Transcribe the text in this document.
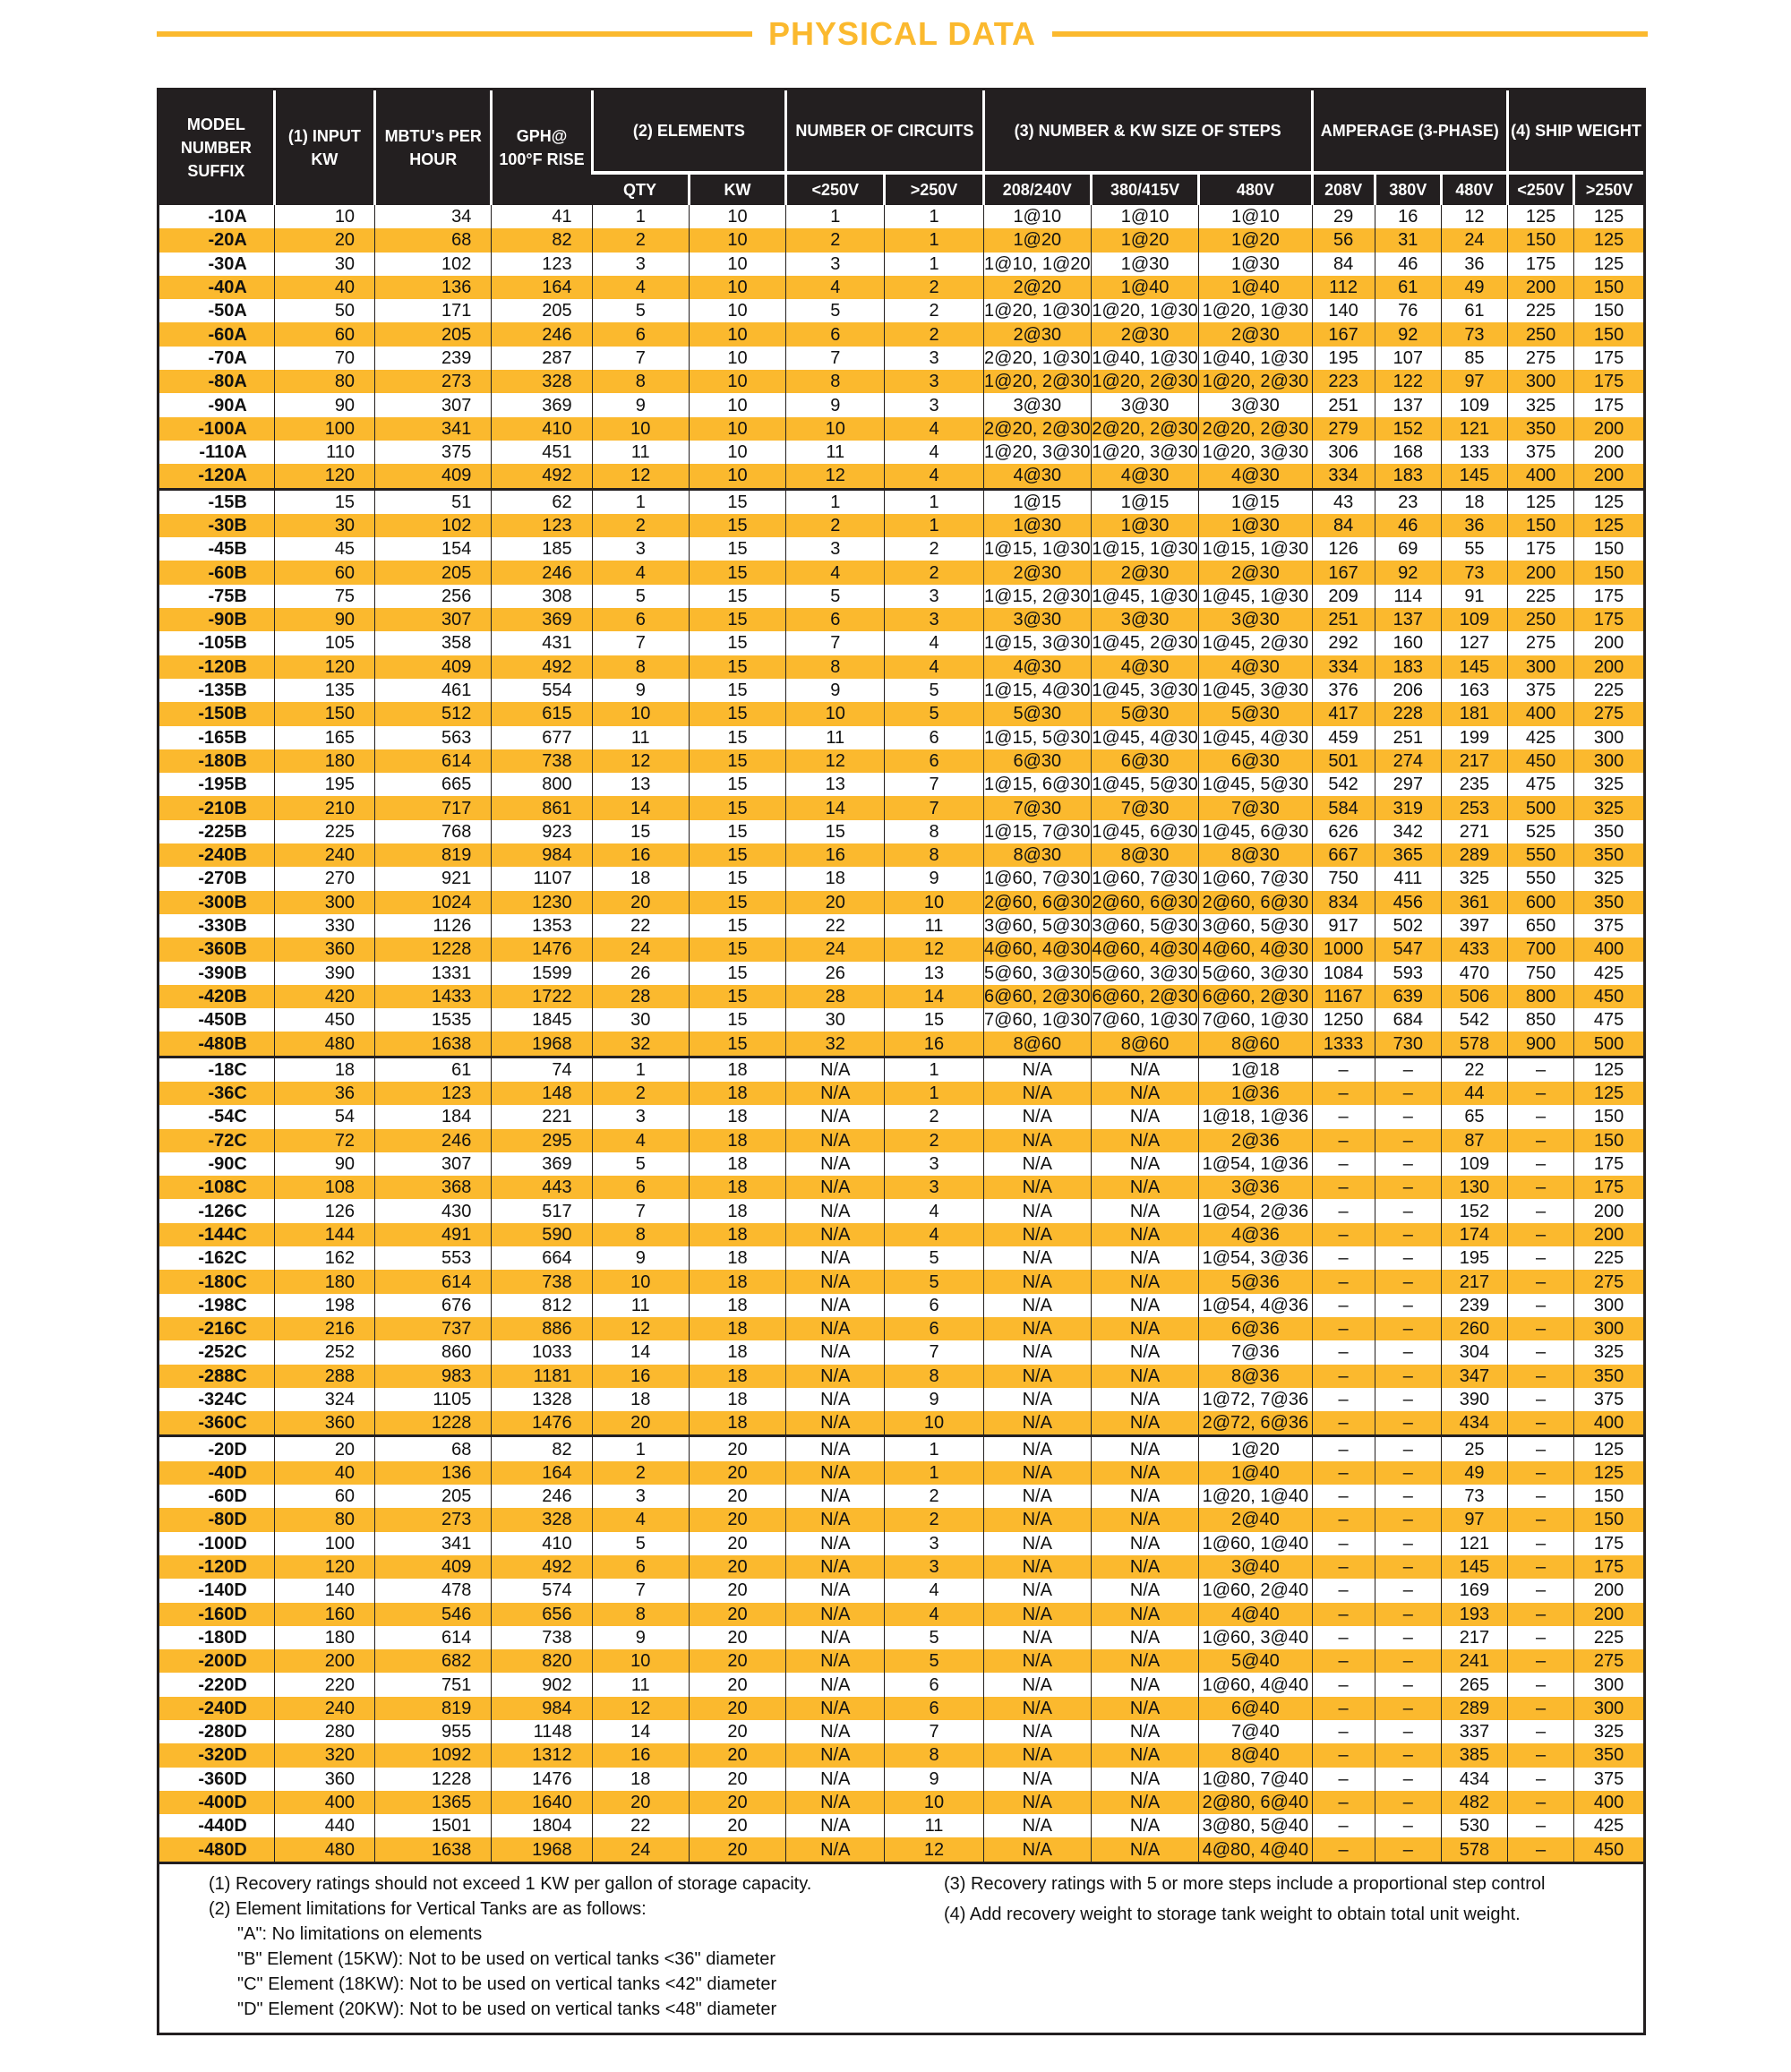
PHYSICAL DATA
MODEL NUMBER SUFFIX	(1) INPUT KW	MBTU's PER HOUR	GPH@ 100°F RISE	(2) ELEMENTS		NUMBER OF CIRCUITS		(3) NUMBER & KW SIZE OF STEPS			AMPERAGE (3-PHASE)			(4) SHIP WEIGHT	
				QTY	KW	<250V	>250V	208/240V	380/415V	480V	208V	380V	480V	<250V	>250V
-10A	10	34	41	1	10	1	1	1@10	1@10	1@10	29	16	12	125	125
-20A	20	68	82	2	10	2	1	1@20	1@20	1@20	56	31	24	150	125
-30A	30	102	123	3	10	3	1	1@10, 1@20	1@30	1@30	84	46	36	175	125
-40A	40	136	164	4	10	4	2	2@20	1@40	1@40	112	61	49	200	150
-50A	50	171	205	5	10	5	2	1@20, 1@30	1@20, 1@30	1@20, 1@30	140	76	61	225	150
-60A	60	205	246	6	10	6	2	2@30	2@30	2@30	167	92	73	250	150
-70A	70	239	287	7	10	7	3	2@20, 1@30	1@40, 1@30	1@40, 1@30	195	107	85	275	175
-80A	80	273	328	8	10	8	3	1@20, 2@30	1@20, 2@30	1@20, 2@30	223	122	97	300	175
-90A	90	307	369	9	10	9	3	3@30	3@30	3@30	251	137	109	325	175
-100A	100	341	410	10	10	10	4	2@20, 2@30	2@20, 2@30	2@20, 2@30	279	152	121	350	200
-110A	110	375	451	11	10	11	4	1@20, 3@30	1@20, 3@30	1@20, 3@30	306	168	133	375	200
-120A	120	409	492	12	10	12	4	4@30	4@30	4@30	334	183	145	400	200
-15B	15	51	62	1	15	1	1	1@15	1@15	1@15	43	23	18	125	125
-30B	30	102	123	2	15	2	1	1@30	1@30	1@30	84	46	36	150	125
-45B	45	154	185	3	15	3	2	1@15, 1@30	1@15, 1@30	1@15, 1@30	126	69	55	175	150
-60B	60	205	246	4	15	4	2	2@30	2@30	2@30	167	92	73	200	150
-75B	75	256	308	5	15	5	3	1@15, 2@30	1@45, 1@30	1@45, 1@30	209	114	91	225	175
-90B	90	307	369	6	15	6	3	3@30	3@30	3@30	251	137	109	250	175
-105B	105	358	431	7	15	7	4	1@15, 3@30	1@45, 2@30	1@45, 2@30	292	160	127	275	200
-120B	120	409	492	8	15	8	4	4@30	4@30	4@30	334	183	145	300	200
-135B	135	461	554	9	15	9	5	1@15, 4@30	1@45, 3@30	1@45, 3@30	376	206	163	375	225
-150B	150	512	615	10	15	10	5	5@30	5@30	5@30	417	228	181	400	275
-165B	165	563	677	11	15	11	6	1@15, 5@30	1@45, 4@30	1@45, 4@30	459	251	199	425	300
-180B	180	614	738	12	15	12	6	6@30	6@30	6@30	501	274	217	450	300
-195B	195	665	800	13	15	13	7	1@15, 6@30	1@45, 5@30	1@45, 5@30	542	297	235	475	325
-210B	210	717	861	14	15	14	7	7@30	7@30	7@30	584	319	253	500	325
-225B	225	768	923	15	15	15	8	1@15, 7@30	1@45, 6@30	1@45, 6@30	626	342	271	525	350
-240B	240	819	984	16	15	16	8	8@30	8@30	8@30	667	365	289	550	350
-270B	270	921	1107	18	15	18	9	1@60, 7@30	1@60, 7@30	1@60, 7@30	750	411	325	550	325
-300B	300	1024	1230	20	15	20	10	2@60, 6@30	2@60, 6@30	2@60, 6@30	834	456	361	600	350
-330B	330	1126	1353	22	15	22	11	3@60, 5@30	3@60, 5@30	3@60, 5@30	917	502	397	650	375
-360B	360	1228	1476	24	15	24	12	4@60, 4@30	4@60, 4@30	4@60, 4@30	1000	547	433	700	400
-390B	390	1331	1599	26	15	26	13	5@60, 3@30	5@60, 3@30	5@60, 3@30	1084	593	470	750	425
-420B	420	1433	1722	28	15	28	14	6@60, 2@30	6@60, 2@30	6@60, 2@30	1167	639	506	800	450
-450B	450	1535	1845	30	15	30	15	7@60, 1@30	7@60, 1@30	7@60, 1@30	1250	684	542	850	475
-480B	480	1638	1968	32	15	32	16	8@60	8@60	8@60	1333	730	578	900	500
-18C	18	61	74	1	18	N/A	1	N/A	N/A	1@18	–	–	22	–	125
-36C	36	123	148	2	18	N/A	1	N/A	N/A	1@36	–	–	44	–	125
-54C	54	184	221	3	18	N/A	2	N/A	N/A	1@18, 1@36	–	–	65	–	150
-72C	72	246	295	4	18	N/A	2	N/A	N/A	2@36	–	–	87	–	150
-90C	90	307	369	5	18	N/A	3	N/A	N/A	1@54, 1@36	–	–	109	–	175
-108C	108	368	443	6	18	N/A	3	N/A	N/A	3@36	–	–	130	–	175
-126C	126	430	517	7	18	N/A	4	N/A	N/A	1@54, 2@36	–	–	152	–	200
-144C	144	491	590	8	18	N/A	4	N/A	N/A	4@36	–	–	174	–	200
-162C	162	553	664	9	18	N/A	5	N/A	N/A	1@54, 3@36	–	–	195	–	225
-180C	180	614	738	10	18	N/A	5	N/A	N/A	5@36	–	–	217	–	275
-198C	198	676	812	11	18	N/A	6	N/A	N/A	1@54, 4@36	–	–	239	–	300
-216C	216	737	886	12	18	N/A	6	N/A	N/A	6@36	–	–	260	–	300
-252C	252	860	1033	14	18	N/A	7	N/A	N/A	7@36	–	–	304	–	325
-288C	288	983	1181	16	18	N/A	8	N/A	N/A	8@36	–	–	347	–	350
-324C	324	1105	1328	18	18	N/A	9	N/A	N/A	1@72, 7@36	–	–	390	–	375
-360C	360	1228	1476	20	18	N/A	10	N/A	N/A	2@72, 6@36	–	–	434	–	400
-20D	20	68	82	1	20	N/A	1	N/A	N/A	1@20	–	–	25	–	125
-40D	40	136	164	2	20	N/A	1	N/A	N/A	1@40	–	–	49	–	125
-60D	60	205	246	3	20	N/A	2	N/A	N/A	1@20, 1@40	–	–	73	–	150
-80D	80	273	328	4	20	N/A	2	N/A	N/A	2@40	–	–	97	–	150
-100D	100	341	410	5	20	N/A	3	N/A	N/A	1@60, 1@40	–	–	121	–	175
-120D	120	409	492	6	20	N/A	3	N/A	N/A	3@40	–	–	145	–	175
-140D	140	478	574	7	20	N/A	4	N/A	N/A	1@60, 2@40	–	–	169	–	200
-160D	160	546	656	8	20	N/A	4	N/A	N/A	4@40	–	–	193	–	200
-180D	180	614	738	9	20	N/A	5	N/A	N/A	1@60, 3@40	–	–	217	–	225
-200D	200	682	820	10	20	N/A	5	N/A	N/A	5@40	–	–	241	–	275
-220D	220	751	902	11	20	N/A	6	N/A	N/A	1@60, 4@40	–	–	265	–	300
-240D	240	819	984	12	20	N/A	6	N/A	N/A	6@40	–	–	289	–	300
-280D	280	955	1148	14	20	N/A	7	N/A	N/A	7@40	–	–	337	–	325
-320D	320	1092	1312	16	20	N/A	8	N/A	N/A	8@40	–	–	385	–	350
-360D	360	1228	1476	18	20	N/A	9	N/A	N/A	1@80, 7@40	–	–	434	–	375
-400D	400	1365	1640	20	20	N/A	10	N/A	N/A	2@80, 6@40	–	–	482	–	400
-440D	440	1501	1804	22	20	N/A	11	N/A	N/A	3@80, 5@40	–	–	530	–	425
-480D	480	1638	1968	24	20	N/A	12	N/A	N/A	4@80, 4@40	–	–	578	–	450

(1) Recovery ratings should not exceed 1 KW per gallon of storage capacity.

(2) Element limitations for Vertical Tanks are as follows:

"A": No limitations on elements

"B" Element (15KW): Not to be used on vertical tanks <36" diameter

"C" Element (18KW): Not to be used on vertical tanks <42" diameter

"D" Element (20KW): Not to be used on vertical tanks <48" diameter

(3) Recovery ratings with 5 or more steps include a proportional step control

(4) Add recovery weight to storage tank weight to obtain total unit weight.
